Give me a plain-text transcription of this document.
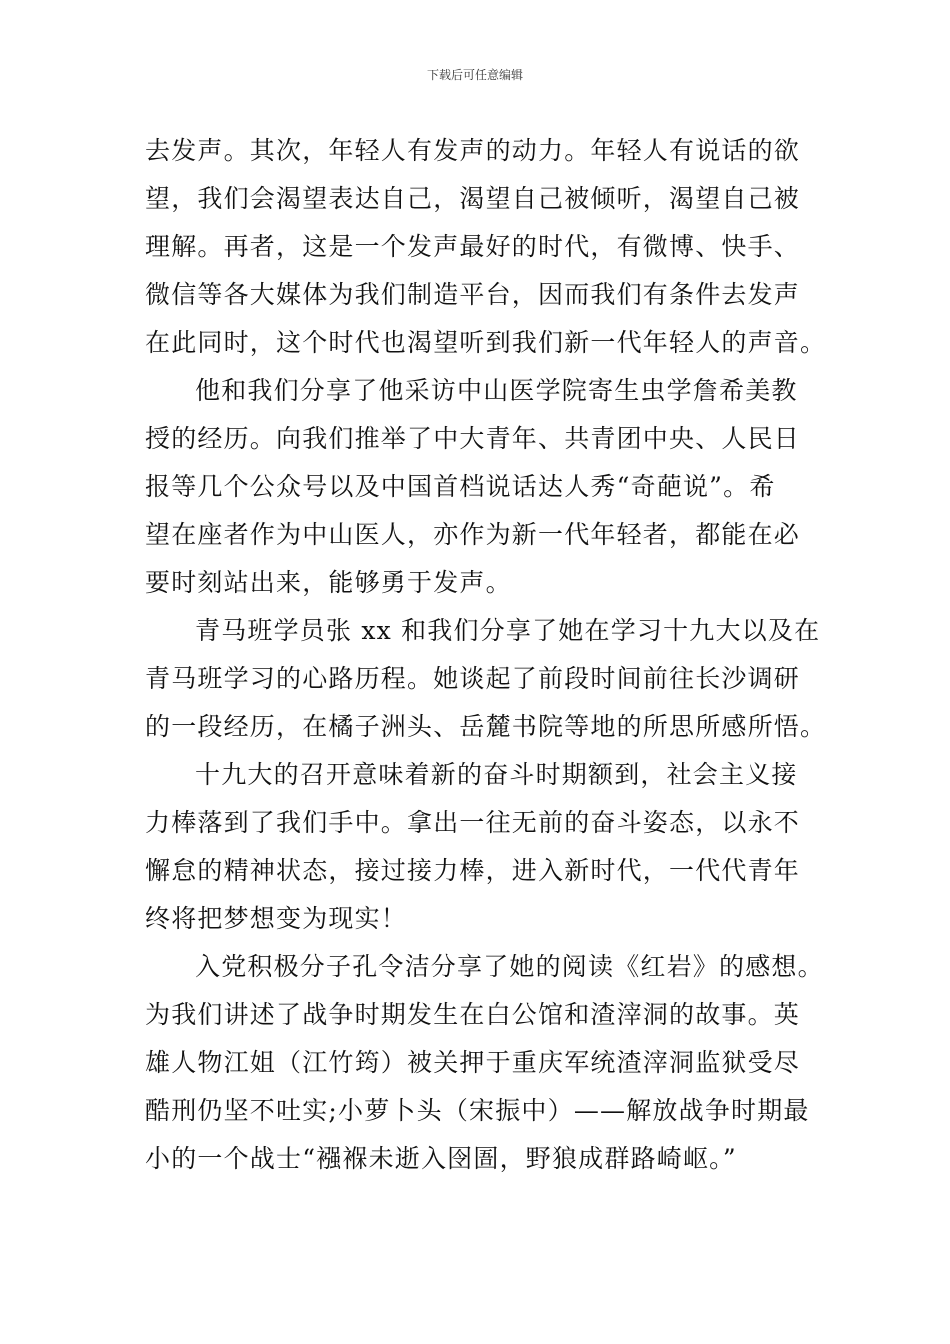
下载后可任意编辑
去发声。其次，年轻人有发声的动力。年轻人有说话的欲
望，我们会渴望表达自己，渴望自己被倾听，渴望自己被
理解。再者，这是一个发声最好的时代，有微博、快手、
微信等各大媒体为我们制造平台，因而我们有条件去发声
在此同时，这个时代也渴望听到我们新一代年轻人的声音。
他和我们分享了他采访中山医学院寄生虫学詹希美教
授的经历。向我们推举了中大青年、共青团中央、人民日
报等几个公众号以及中国首档说话达人秀“奇葩说”。希
望在座者作为中山医人，亦作为新一代年轻者，都能在必
要时刻站出来，能够勇于发声。
青马班学员张 xx 和我们分享了她在学习十九大以及在
青马班学习的心路历程。她谈起了前段时间前往长沙调研
的一段经历，在橘子洲头、岳麓书院等地的所思所感所悟。
十九大的召开意味着新的奋斗时期额到，社会主义接
力棒落到了我们手中。拿出一往无前的奋斗姿态，以永不
懈怠的精神状态，接过接力棒，进入新时代，一代代青年
终将把梦想变为现实！
入党积极分子孔令洁分享了她的阅读《红岩》的感想。
为我们讲述了战争时期发生在白公馆和渣滓洞的故事。英
雄人物江姐（江竹筠）被关押于重庆军统渣滓洞监狱受尽
酷刑仍坚不吐实;小萝卜头（宋振中）——解放战争时期最
小的一个战士“襁褓未逝入囹圄，野狼成群路崎岖。”
